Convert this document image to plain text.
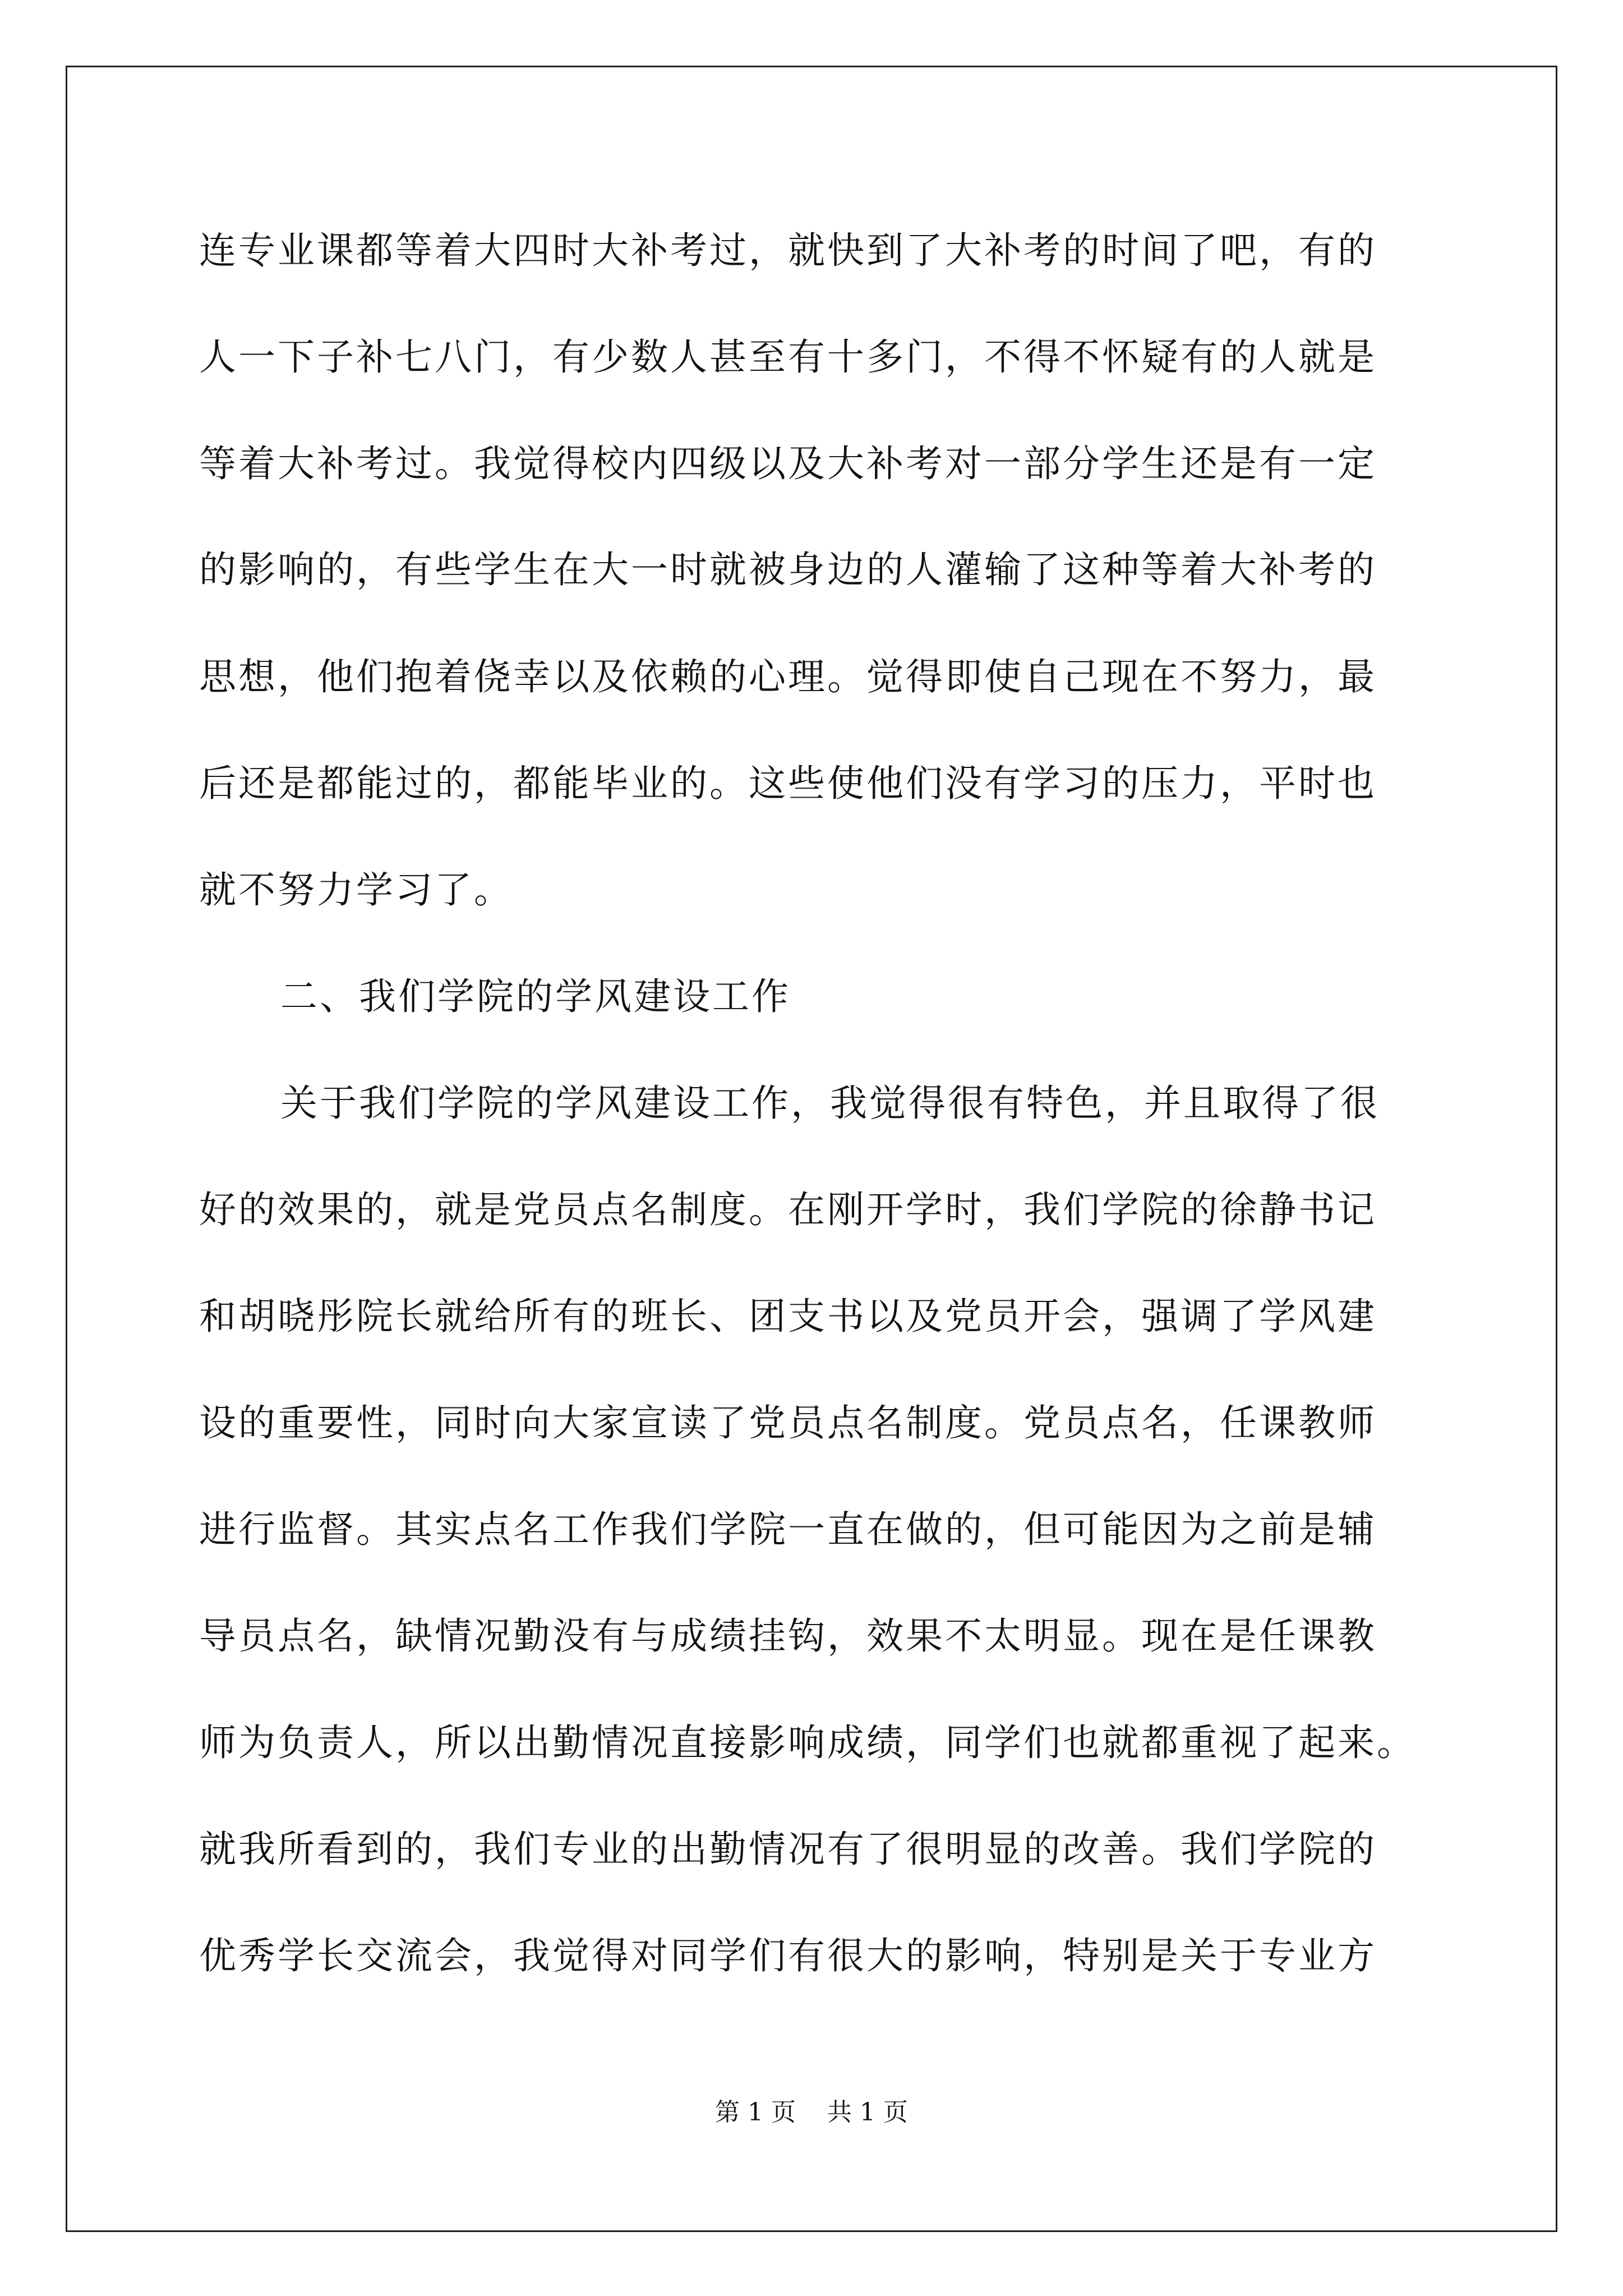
连专业课都等着大四时大补考过，就快到了大补考的时间了吧，有的
人一下子补七八门，有少数人甚至有十多门，不得不怀疑有的人就是
等着大补考过。我觉得校内四级以及大补考对一部分学生还是有一定
的影响的，有些学生在大一时就被身边的人灌输了这种等着大补考的
思想，他们抱着侥幸以及依赖的心理。觉得即使自己现在不努力，最
后还是都能过的，都能毕业的。这些使他们没有学习的压力，平时也
就不努力学习了。
二、我们学院的学风建设工作
关于我们学院的学风建设工作，我觉得很有特色，并且取得了很
好的效果的，就是党员点名制度。在刚开学时，我们学院的徐静书记
和胡晓彤院长就给所有的班长、团支书以及党员开会，强调了学风建
设的重要性，同时向大家宣读了党员点名制度。党员点名，任课教师
进行监督。其实点名工作我们学院一直在做的，但可能因为之前是辅
导员点名，缺情况勤没有与成绩挂钩，效果不太明显。现在是任课教
师为负责人，所以出勤情况直接影响成绩，同学们也就都重视了起来。
就我所看到的，我们专业的出勤情况有了很明显的改善。我们学院的
优秀学长交流会，我觉得对同学们有很大的影响，特别是关于专业方
第 1 页    共 1 页
